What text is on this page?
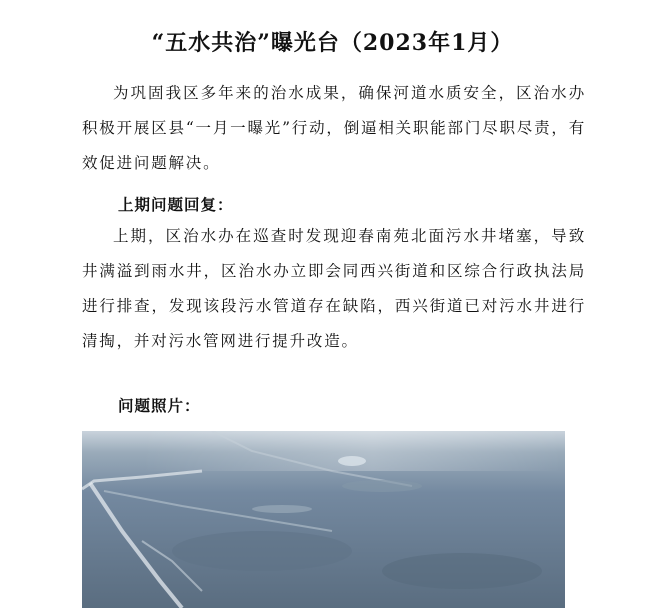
“五水共治”曝光台（2023年1月）

为巩固我区多年来的治水成果，确保河道水质安全，区治水办积极开展区县“一月一曝光”行动，倒逼相关职能部门尽职尽责，有效促进问题解决。

上期问题回复：

上期，区治水办在巡查时发现迎春南苑北面污水井堵塞，导致井满溢到雨水井，区治水办立即会同西兴街道和区综合行政执法局进行排查，发现该段污水管道存在缺陷，西兴街道已对污水井进行清掏，并对污水管网进行提升改造。

问题照片：
